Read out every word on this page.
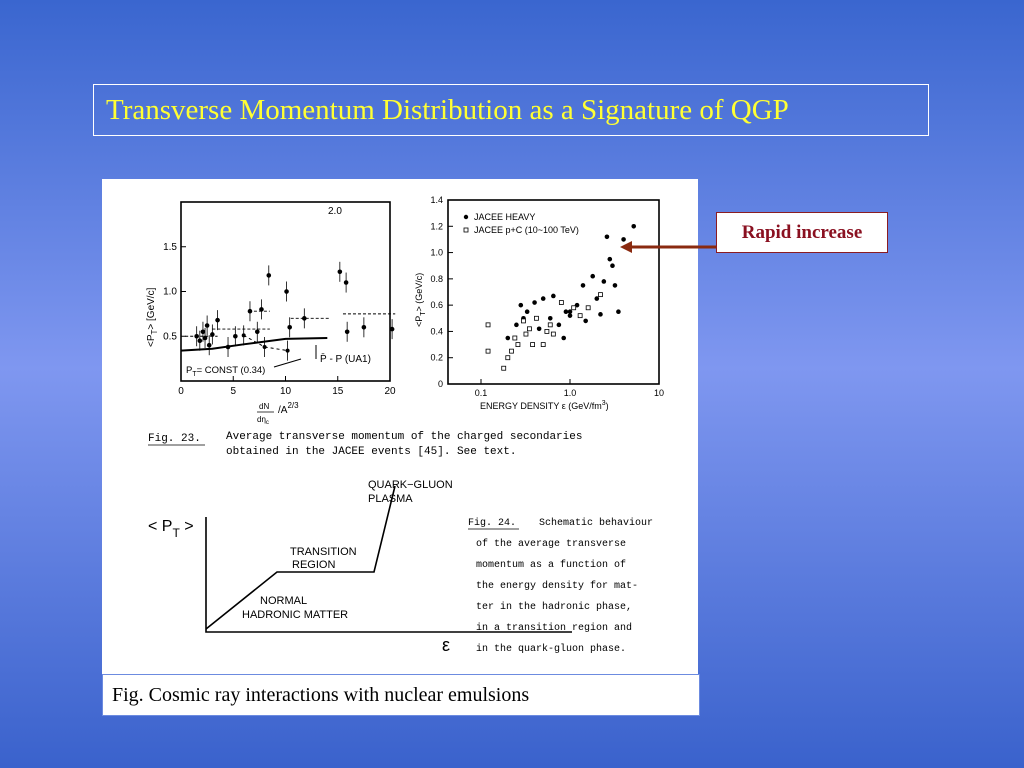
Transverse Momentum Distribution as a Signature of QGP
0	5	10	15	20
0.5
1.0
1.5
2.0
$<P_T> [GeV/c]$
$P_T=$ CONST (0.34)
P̄ - P (UA1)
dN
$d\eta_c$
$/A^{2/3}$
Fig. 23. Average transverse momentum of the charged secondaries
obtained in the JACEE events [45]. See text.
0.1	1.0	10
0
0.2
0.4
0.6
0.8
1.0
1.2
1.4
JACEE HEAVY
JACEE p+C (10~100 TeV)
$<P_T> (GeV/c)$
ENERGY DENSITY ε $(GeV/fm^3)$
< $P_T$ >
ε
QUARK−GLUON
PLASMA
TRANSITION
REGION
NORMAL
HADRONIC MATTER
Fig. 24. Schematic behaviour
of the average transverse
momentum as a function of
the energy density for mat-
ter in the hadronic phase,
in a transition region and
in the quark-gluon phase.
Fig. Cosmic ray interactions with nuclear emulsions
Rapid increase
